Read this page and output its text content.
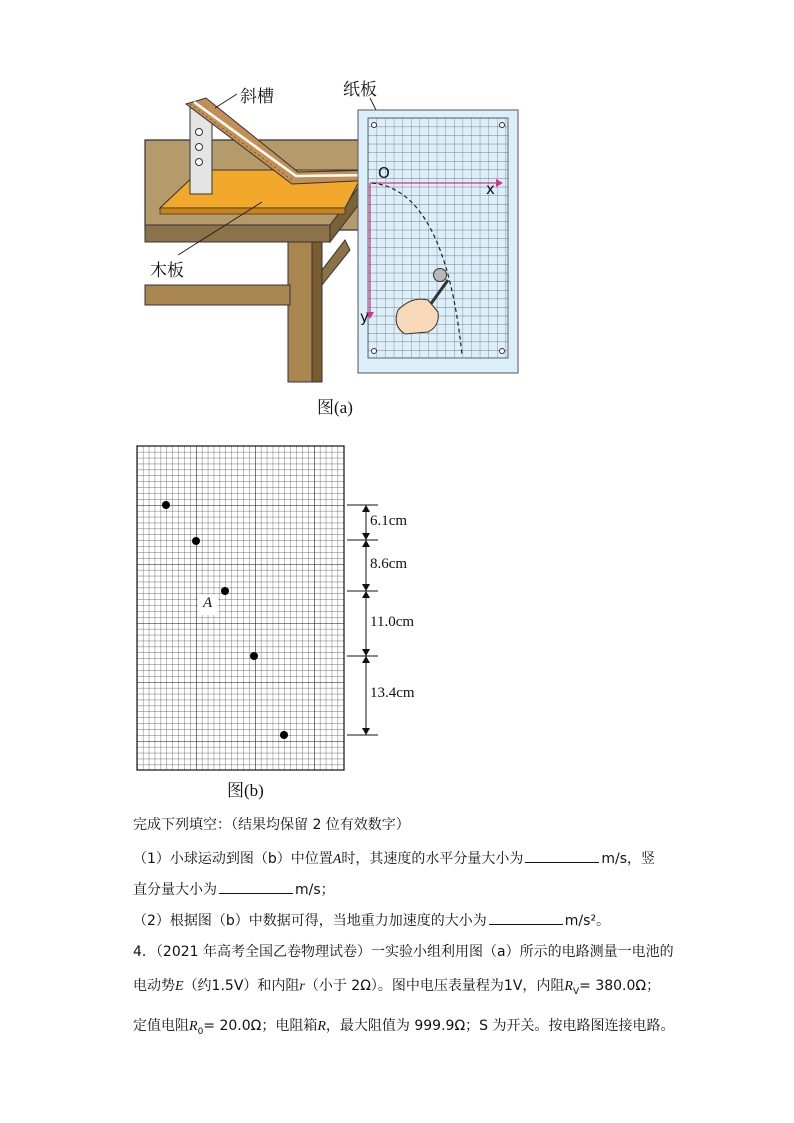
斜槽	纸板
木板
O
x
y
图(a)
A
6.1cm
8.6cm
11.0cm
13.4cm
图(b)
完成下列填空：（结果均保留 2 位有效数字）
（1）小球运动到图（b）中位置A时，其速度的水平分量大小为	m/s，竖
直分量大小为	m/s；
（2）根据图（b）中数据可得，当地重力加速度的大小为	m/s²。
4．（2021 年高考全国乙卷物理试卷）一实验小组利用图（a）所示的电路测量一电池的
电动势E（约1.5V）和内阻r（小于 2Ω）。图中电压表量程为1V，内阻$R_V= 380.0\Omega$；
定值电阻$R_0= 20.0\Omega$；电阻箱R，最大阻值为 999.9Ω；S 为开关。按电路图连接电路。
